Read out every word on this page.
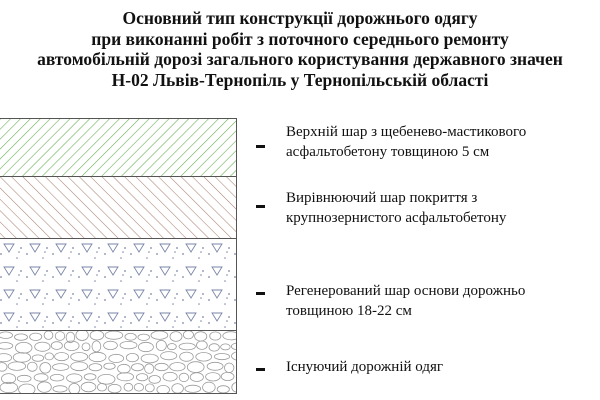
Основний тип конструкції дорожнього одягу
при виконанні робіт з поточного середнього ремонту
автомобільній дорозі загального користування державного значен
Н-02 Львів-Тернопіль у Тернопільській області
Верхній шар з щебенево-мастикового
асфальтобетону товщиною 5 см
Вирівнюючий шар покриття з
крупнозернистого асфальтобетону
Регенерований шар основи дорожньо
товщиною 18-22 см
Існуючий дорожній одяг
